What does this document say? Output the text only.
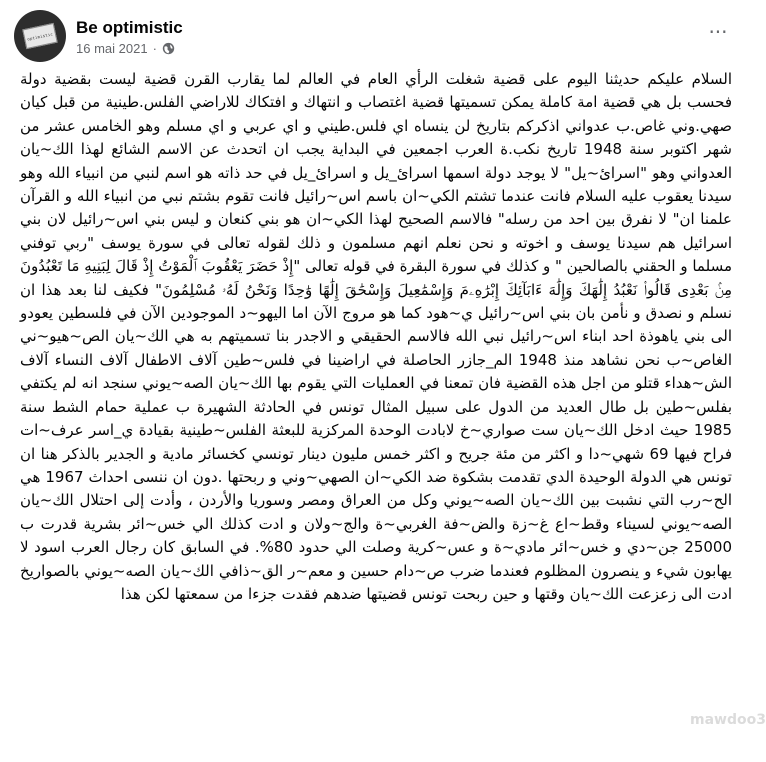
optimistic Be optimistic
16 mai 2021 ·
···
السلام عليكم حديثنا اليوم على قضية شغلت الرأي العام في العالم لما يقارب القرن قضية ليست بقضية دولة فحسب بل هي قضية امة كاملة يمكن تسميتها قضية اغتصاب و انتهاك و افتكاك للاراضي الفلس.طينية من قبل كيان صهي.وني غاص.ب عدواني اذكركم بتاريخ لن ينساه اي فلس.طيني و اي عربي و اي مسلم وهو الخامس عشر من شهر اكتوبر سنة 1948 تاريخ نكب.ة العرب اجمعين في البداية يجب ان اتحدث عن الاسم الشائع لهذا الك~يان العدواني وهو "اسرائ~يل" لا يوجد دولة اسمها اسرائ_يل و اسرائ_يل في حد ذاته هو اسم لنبي من انبياء الله وهو سيدنا يعقوب عليه السلام فانت عندما تشتم الكي~ان باسم اس~رائيل فانت تقوم بشتم نبي من انبياء الله و القرآن علمنا ان" لا نفرق بين احد من رسله" فالاسم الصحيح لهذا الكي~ان هو بني كنعان و ليس بني اس~رائيل لان بني اسرائيل هم سيدنا يوسف و اخوته و نحن نعلم انهم مسلمون و ذلك لقوله تعالى في سورة يوسف "ربي توفني مسلما و الحقني بالصالحين " و كذلك في سورة البقرة في قوله تعالى "إِذْ حَضَرَ يَعْقُوبَ ٱلْمَوْتُ إِذْ قَالَ لِبَنِيهِ مَا تَعْبُدُونَ مِنۢ بَعْدِى قَالُوا۟ نَعْبُدُ إِلَٰهَكَ وَإِلَٰهَ ءَابَآئِكَ إِبْرَٰهِۦمَ وَإِسْمَٰعِيلَ وَإِسْحَٰقَ إِلَٰهًا وَٰحِدًا وَنَحْنُ لَهُۥ مُسْلِمُونَ" فكيف لنا بعد هذا ان نسلم و نصدق و نأمن بان بني اس~رائيل ي~هود كما هو مروج الآن اما اليهو~د الموجودين الآن في فلسطين يعودو الى بني ياهوذة احد ابناء اس~رائيل نبي الله فالاسم الحقيقي و الاجدر بنا تسميتهم به هي الك~يان الص~هيو~ني الغاص~ب نحن نشاهد منذ 1948 الم_جازر الحاصلة في اراضينا في فلس~طين آلاف الاطفال آلاف النساء آلاف الش~هداء قتلو من اجل هذه القضية فان تمعنا في العمليات التي يقوم بها الك~يان الصه~يوني سنجد انه لم يكتفي بفلس~طين بل طال العديد من الدول على سبيل المثال تونس في الحادثة الشهيرة ب عملية حمام الشط سنة 1985 حيث ادخل الك~يان ست صواري~خ لابادت الوحدة المركزية للبعثة الفلس~طينية بقيادة ي_اسر عرف~ات فراح فيها 69 شهي~دا و اكثر من مئة جريح و اكثر خمس مليون دينار تونسي كخسائر مادية و الجدير بالذكر هنا ان تونس هي الدولة الوحيدة الدي تقدمت بشكوة ضد الكي~ان الصهي~وني و ربحتها .دون ان ننسى احداث 1967 هي الح~رب التي نشبت بين الك~يان الصه~يوني وكل من العراق ومصر وسوريا والأردن ، وأدت إلى احتلال الك~يان الصه~يوني لسيناء وقط~اع غ~زة والض~فة الغربي~ة والج~ولان و ادت كذلك الي خس~ائر بشرية قدرت ب 25000 جن~دي و خس~ائر مادي~ة و عس~كرية وصلت الي حدود 80%. في السابق كان رجال العرب اسود لا يهابون شيء و ينصرون المظلوم فعندما ضرب ص~دام حسين و معم~ر الق~ذافي الك~يان الصه~يوني بالصواريخ ادت الى زعزعت الك~يان وقتها و حين ربحت تونس قضيتها ضدهم فقدت جزءا من سمعتها لكن هذا
mawdoo3
